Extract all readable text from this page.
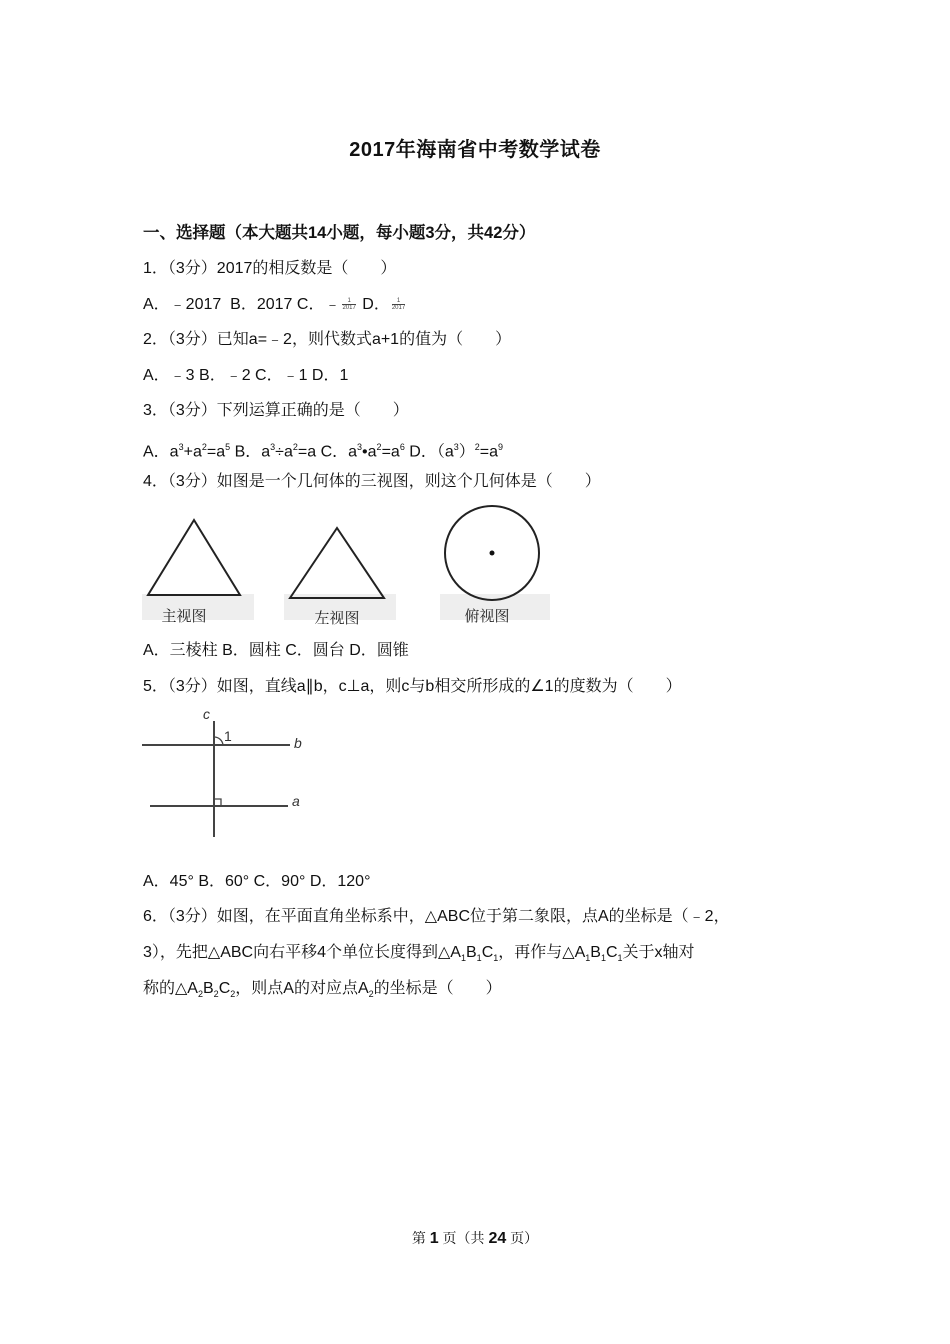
2017年海南省中考数学试卷
一、选择题（本大题共14小题，每小题3分，共42分）
1．（3分）2017的相反数是（　　）
A．﹣2017 B．2017 C．﹣ $\frac{1}{2017}$ D． $\frac{1}{2017}$
2．（3分）已知a=﹣2，则代数式a+1的值为（　　）
A．﹣3 B．﹣2 C．﹣1 D．1
3．（3分）下列运算正确的是（　　）
A．$a^3+a^2=a^5$ B．$a^3\div a^2=a$ C．$a^3•a^2=a^6$ D．$(a^3)^2=a^9$
4．（3分）如图是一个几何体的三视图，则这个几何体是（　　）
主视图	左视图	俯视图
A．三棱柱 B．圆柱 C．圆台 D．圆锥
5．（3分）如图，直线a∥b，c⊥a，则c与b相交所形成的∠1的度数为（　　）
c
1	b
a
A．45° B．60° C．90° D．120°
6．（3分）如图，在平面直角坐标系中，△ABC位于第二象限，点A的坐标是（﹣2，
3），先把△ABC向右平移4个单位长度得到$\triangle A_1B_1C_1$，再作与$\triangle A_1B_1C_1$关于x轴对
称的$\triangle A_2B_2C_2$，则点A的对应点$A_2$的坐标是（　　）
第 1 页（共 24 页）
